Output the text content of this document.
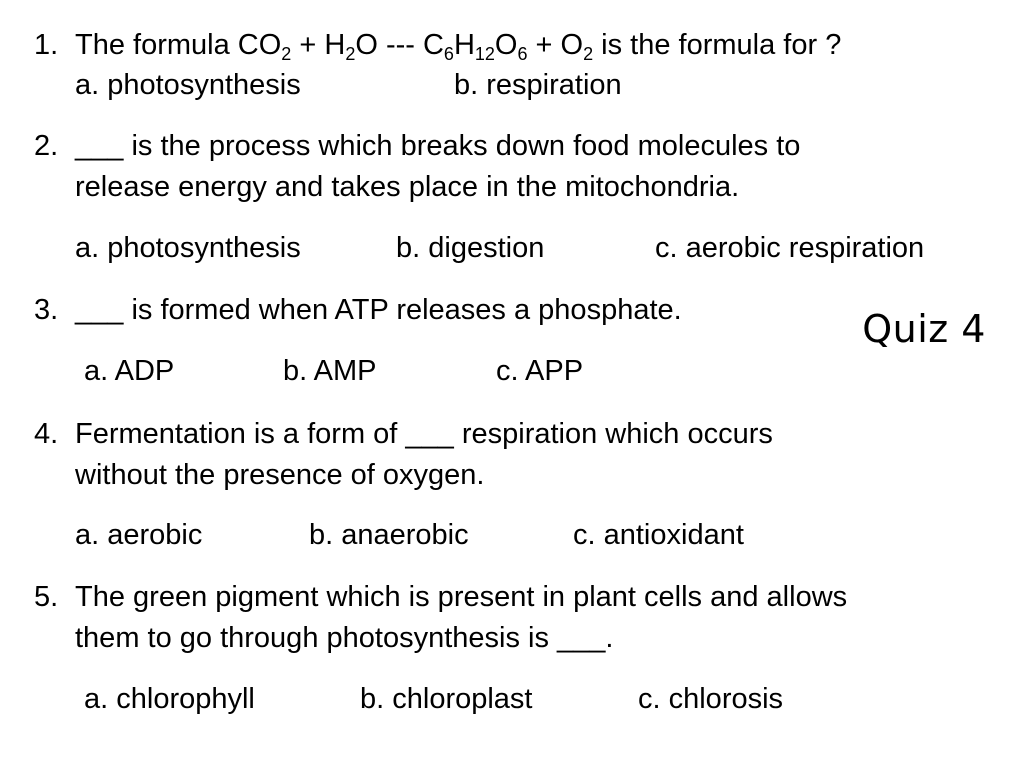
Quiz 4
1. The formula $CO_2 + H_2O$ --- $C_6H_{12}O_6 + O_2$ is the formula for ?
a. photosynthesis	b. respiration
2. ___ is the process which breaks down food molecules to
release energy and takes place in the mitochondria.
a. photosynthesis	b. digestion	c. aerobic respiration
3. ___ is formed when ATP releases a phosphate.
a. ADP	b. AMP	c. APP
4. Fermentation is a form of ___ respiration which occurs
without the presence of oxygen.
a. aerobic	b. anaerobic	c. antioxidant
5. The green pigment which is present in plant cells and allows
them to go through photosynthesis is ___.
a. chlorophyll	b. chloroplast	c. chlorosis
